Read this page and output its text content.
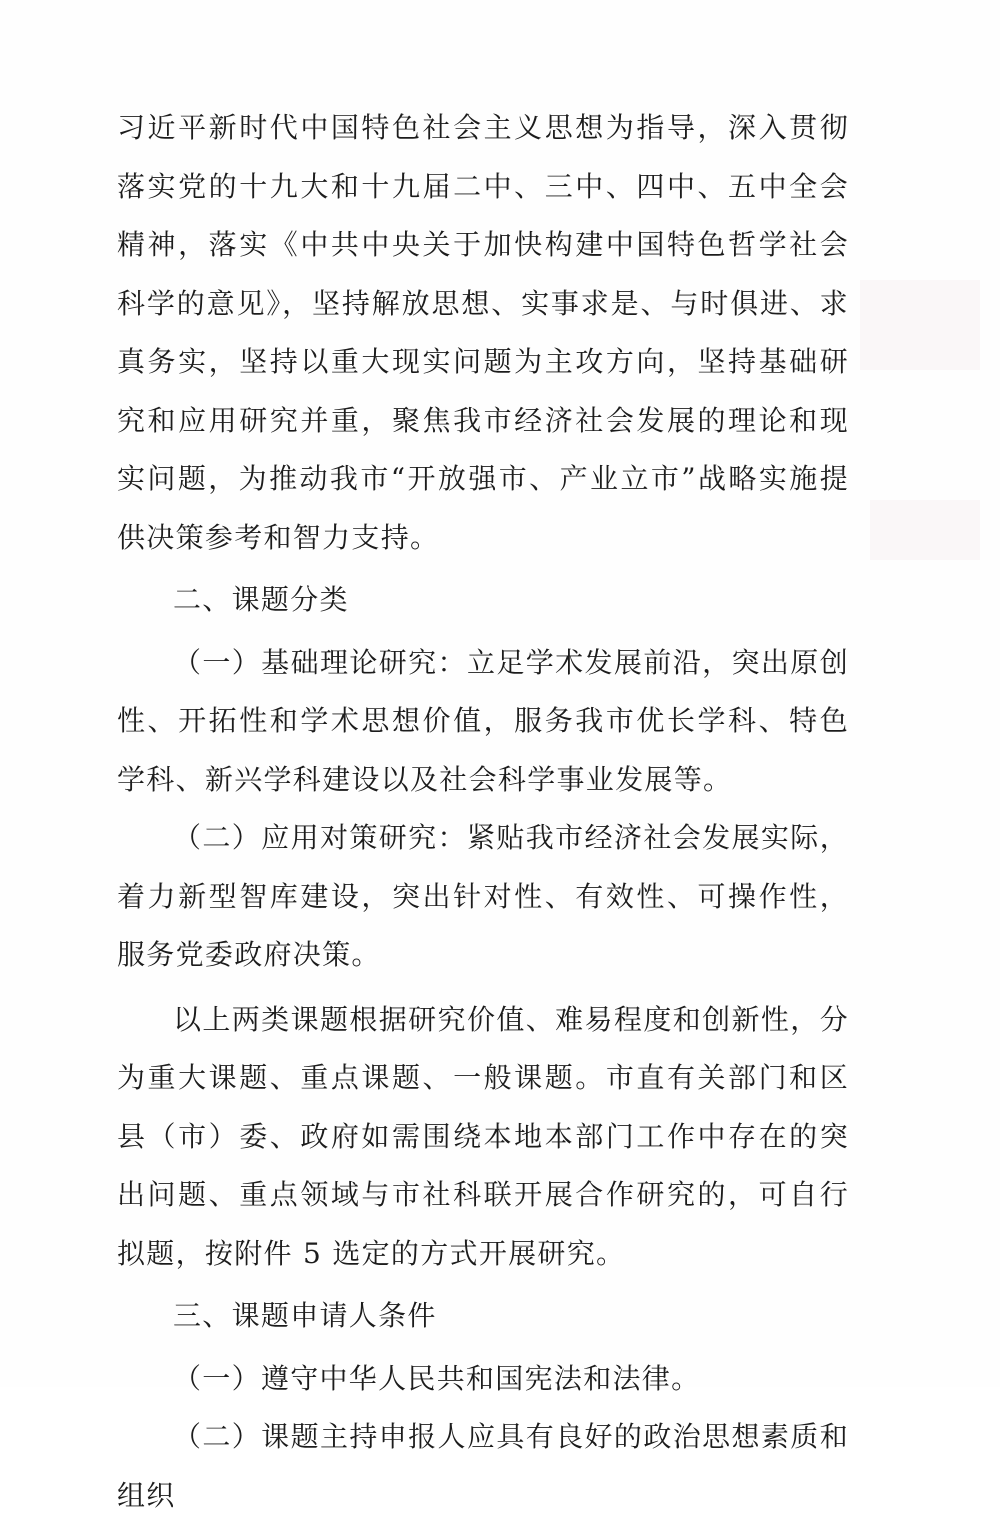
习近平新时代中国特色社会主义思想为指导，深入贯彻落实党的十九大和十九届二中、三中、四中、五中全会精神，落实《中共中央关于加快构建中国特色哲学社会科学的意见》，坚持解放思想、实事求是、与时俱进、求真务实，坚持以重大现实问题为主攻方向，坚持基础研究和应用研究并重，聚焦我市经济社会发展的理论和现实问题，为推动我市“开放强市、产业立市”战略实施提供决策参考和智力支持。

二、课题分类

（一）基础理论研究：立足学术发展前沿，突出原创性、开拓性和学术思想价值，服务我市优长学科、特色学科、新兴学科建设以及社会科学事业发展等。

（二）应用对策研究：紧贴我市经济社会发展实际，着力新型智库建设，突出针对性、有效性、可操作性，服务党委政府决策。

以上两类课题根据研究价值、难易程度和创新性，分为重大课题、重点课题、一般课题。市直有关部门和区县（市）委、政府如需围绕本地本部门工作中存在的突出问题、重点领域与市社科联开展合作研究的，可自行拟题，按附件 5 选定的方式开展研究。

三、课题申请人条件

（一）遵守中华人民共和国宪法和法律。

（二）课题主持申报人应具有良好的政治思想素质和组织
